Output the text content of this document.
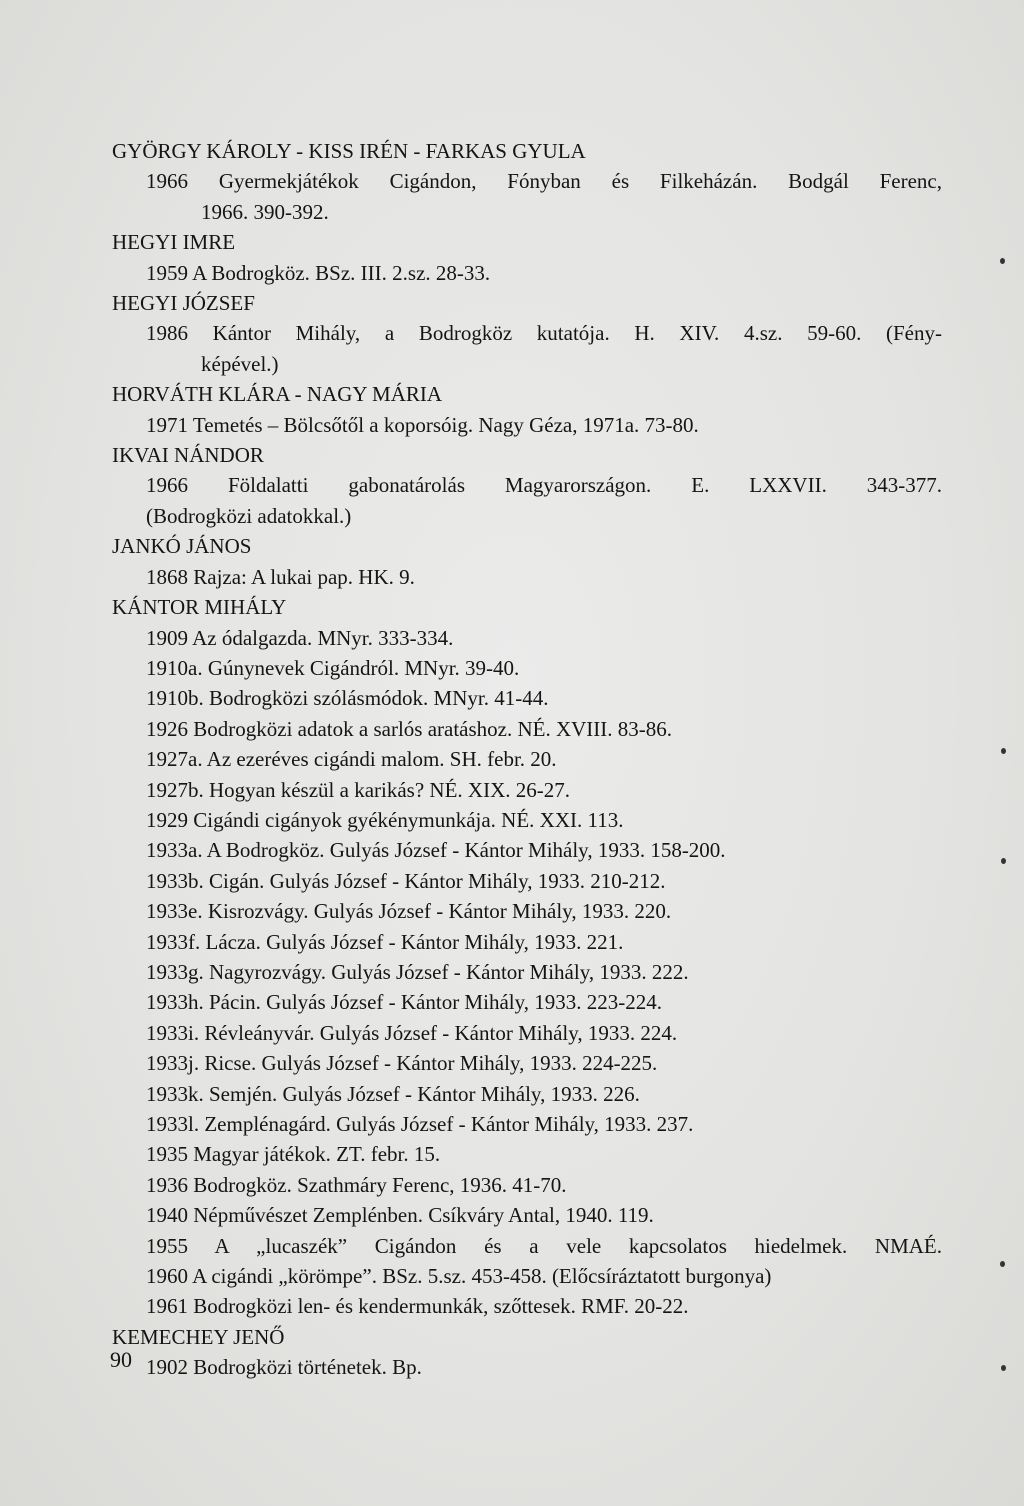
GYÖRGY KÁROLY - KISS IRÉN - FARKAS GYULA
1966 Gyermekjátékok Cigándon, Fónyban és Filkeházán. Bodgál Ferenc,
1966. 390-392.
HEGYI IMRE
1959 A Bodrogköz. BSz. III. 2.sz. 28-33.
HEGYI JÓZSEF
1986 Kántor Mihály, a Bodrogköz kutatója. H. XIV. 4.sz. 59-60. (Fény-
képével.)
HORVÁTH KLÁRA - NAGY MÁRIA
1971 Temetés – Bölcsőtől a koporsóig. Nagy Géza, 1971a. 73-80.
IKVAI NÁNDOR
1966 Földalatti gabonatárolás Magyarországon. E. LXXVII. 343-377.
(Bodrogközi adatokkal.)
JANKÓ JÁNOS
1868 Rajza: A lukai pap. HK. 9.
KÁNTOR MIHÁLY
1909 Az ódalgazda. MNyr. 333-334.
1910a. Gúnynevek Cigándról. MNyr. 39-40.
1910b. Bodrogközi szólásmódok. MNyr. 41-44.
1926 Bodrogközi adatok a sarlós aratáshoz. NÉ. XVIII. 83-86.
1927a. Az ezeréves cigándi malom. SH. febr. 20.
1927b. Hogyan készül a karikás? NÉ. XIX. 26-27.
1929 Cigándi cigányok gyékénymunkája. NÉ. XXI. 113.
1933a. A Bodrogköz. Gulyás József - Kántor Mihály, 1933. 158-200.
1933b. Cigán. Gulyás József - Kántor Mihály, 1933. 210-212.
1933e. Kisrozvágy. Gulyás József - Kántor Mihály, 1933. 220.
1933f. Lácza. Gulyás József - Kántor Mihály, 1933. 221.
1933g. Nagyrozvágy. Gulyás József - Kántor Mihály, 1933. 222.
1933h. Pácin. Gulyás József - Kántor Mihály, 1933. 223-224.
1933i. Révleányvár. Gulyás József - Kántor Mihály, 1933. 224.
1933j. Ricse. Gulyás József - Kántor Mihály, 1933. 224-225.
1933k. Semjén. Gulyás József - Kántor Mihály, 1933. 226.
1933l. Zemplénagárd. Gulyás József - Kántor Mihály, 1933. 237.
1935 Magyar játékok. ZT. febr. 15.
1936 Bodrogköz. Szathmáry Ferenc, 1936. 41-70.
1940 Népművészet Zemplénben. Csíkváry Antal, 1940. 119.
1955 A „lucaszék” Cigándon és a vele kapcsolatos hiedelmek. NMAÉ.
1960 A cigándi „körömpe”. BSz. 5.sz. 453-458. (Előcsíráztatott burgonya)
1961 Bodrogközi len- és kendermunkák, szőttesek. RMF. 20-22.
KEMECHEY JENŐ
1902 Bodrogközi történetek. Bp.
90
